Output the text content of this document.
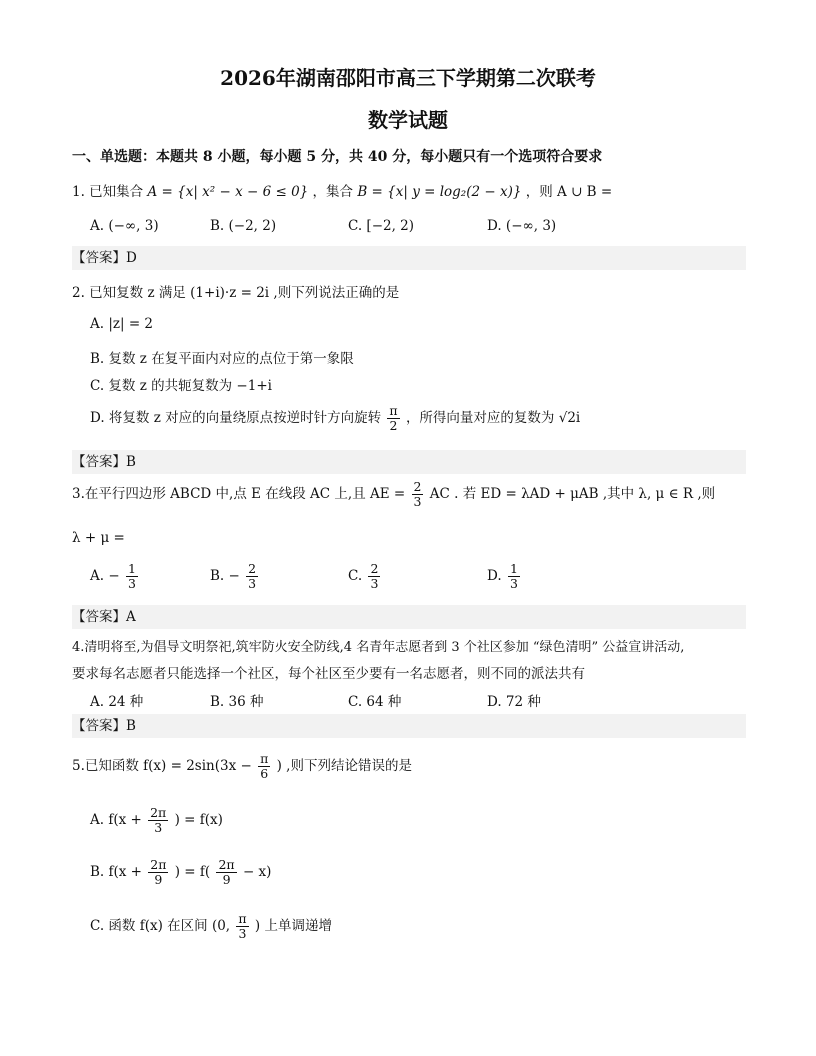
2026年湖南邵阳市高三下学期第二次联考
数学试题
一、单选题：本题共 8 小题，每小题 5 分，共 40 分，每小题只有一个选项符合要求
1. 已知集合 A = {x| x² − x − 6 ≤ 0} ，集合 B = {x| y = log₂(2 − x)} ，则 A ∪ B =
A. (−∞, 3)	B. (−2, 2)	C. [−2, 2)	D. (−∞, 3)
【答案】D
2. 已知复数 z 满足 (1+i)·z = 2i ,则下列说法正确的是
A. |z| = 2
B. 复数 z 在复平面内对应的点位于第一象限
C. 复数 z 的共轭复数为 −1+i
D. 将复数 z 对应的向量绕原点按逆时针方向旋转 $\frac{\pi}{2}$ ，所得向量对应的复数为 √2i
【答案】B
3.在平行四边形 ABCD 中,点 E 在线段 AC 上,且 AE = $\frac{2}{3}$ AC . 若 ED = λAD + μAB ,其中 λ, μ ∈ R ,则
λ + μ =
A. − $\frac{1}{3}$	B. − $\frac{2}{3}$	C. $\frac{2}{3}$	D. $\frac{1}{3}$
【答案】A
4.清明将至,为倡导文明祭祀,筑牢防火安全防线,4 名青年志愿者到 3 个社区参加 “绿色清明” 公益宣讲活动,
要求每名志愿者只能选择一个社区，每个社区至少要有一名志愿者，则不同的派法共有
A. 24 种	B. 36 种	C. 64 种	D. 72 种
【答案】B
5.已知函数 $f(x) = 2\sin(3x - \frac{\pi}{6}$ ) ,则下列结论错误的是
A. $f(x + \frac{2\pi}{3}$ ) = f(x)
B. $f(x + \frac{2\pi}{9}$ ) = $f( \frac{2\pi}{9} - x)$
C. 函数 f(x) 在区间 (0, $\frac{\pi}{3}$ ) 上单调递增
